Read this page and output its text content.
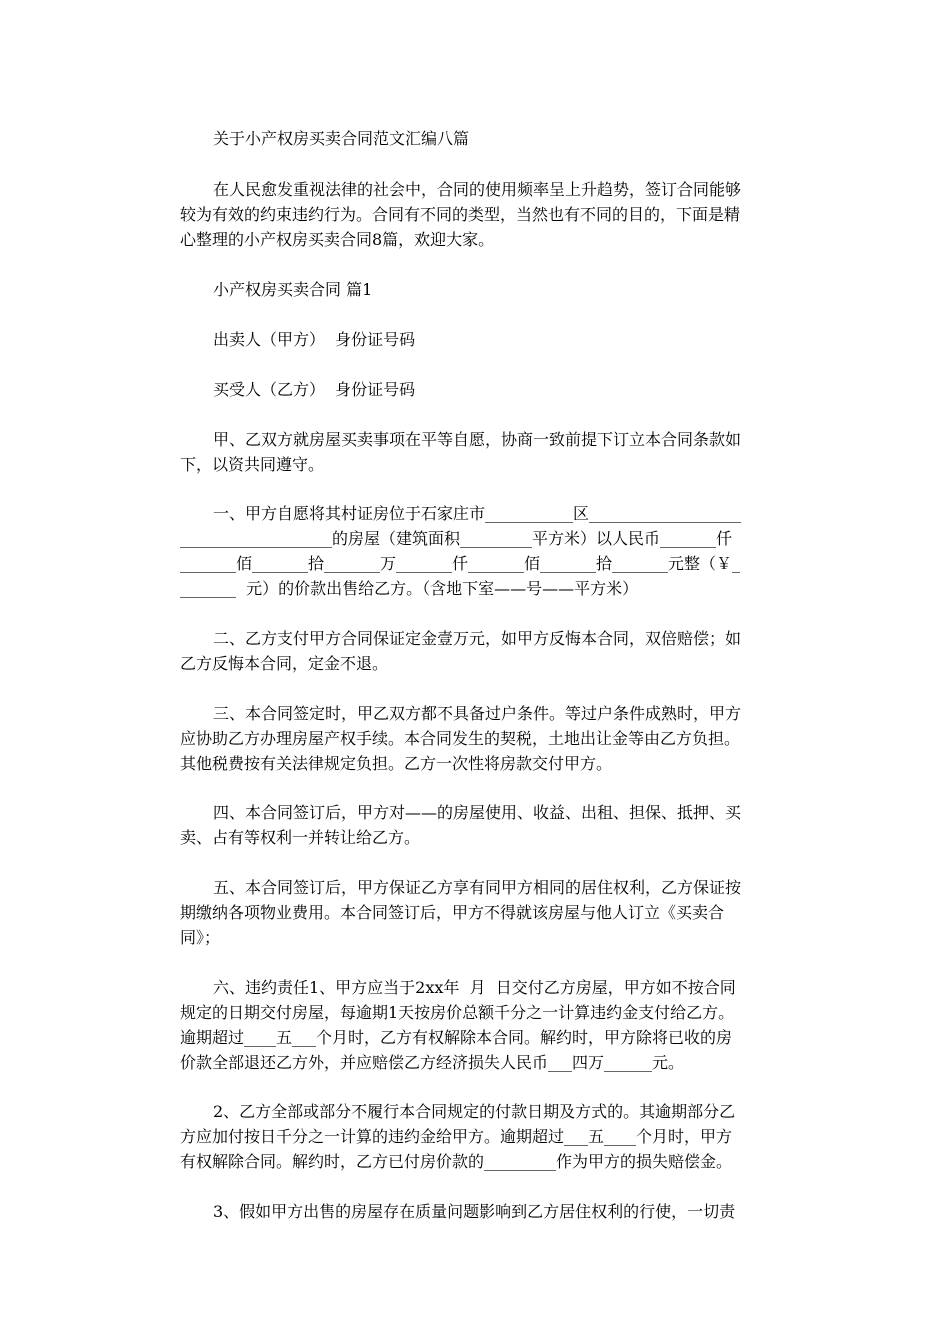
关于小产权房买卖合同范文汇编八篇
在人民愈发重视法律的社会中，合同的使用频率呈上升趋势，签订合同能够
较为有效的约束违约行为。合同有不同的类型，当然也有不同的目的，下面是精
心整理的小产权房买卖合同8篇，欢迎大家。
小产权房买卖合同 篇1
出卖人（甲方）  身份证号码
买受人（乙方）  身份证号码
甲、乙双方就房屋买卖事项在平等自愿，协商一致前提下订立本合同条款如
下，以资共同遵守。
一、甲方自愿将其村证房位于石家庄市___________区___________________
___________________的房屋（建筑面积_________平方米）以人民币_______仟
_______佰_______拾_______万_______仟_______佰_______拾_______元整（￥_
_______  元）的价款出售给乙方。（含地下室——号——平方米）
二、乙方支付甲方合同保证定金壹万元，如甲方反悔本合同，双倍赔偿；如
乙方反悔本合同，定金不退。
三、本合同签定时，甲乙双方都不具备过户条件。等过户条件成熟时，甲方
应协助乙方办理房屋产权手续。本合同发生的契税，土地出让金等由乙方负担。
其他税费按有关法律规定负担。乙方一次性将房款交付甲方。
四、本合同签订后，甲方对——的房屋使用、收益、出租、担保、抵押、买
卖、占有等权利一并转让给乙方。
五、本合同签订后，甲方保证乙方享有同甲方相同的居住权利，乙方保证按
期缴纳各项物业费用。本合同签订后，甲方不得就该房屋与他人订立《买卖合
同》；
六、违约责任1、甲方应当于2xx年  月  日交付乙方房屋，甲方如不按合同
规定的日期交付房屋，每逾期1天按房价总额千分之一计算违约金支付给乙方。
逾期超过____五___个月时，乙方有权解除本合同。解约时，甲方除将已收的房
价款全部退还乙方外，并应赔偿乙方经济损失人民币___四万______元。
2、乙方全部或部分不履行本合同规定的付款日期及方式的。其逾期部分乙
方应加付按日千分之一计算的违约金给甲方。逾期超过___五____个月时，甲方
有权解除合同。解约时，乙方已付房价款的_________作为甲方的损失赔偿金。
3、假如甲方出售的房屋存在质量问题影响到乙方居住权利的行使，一切责
